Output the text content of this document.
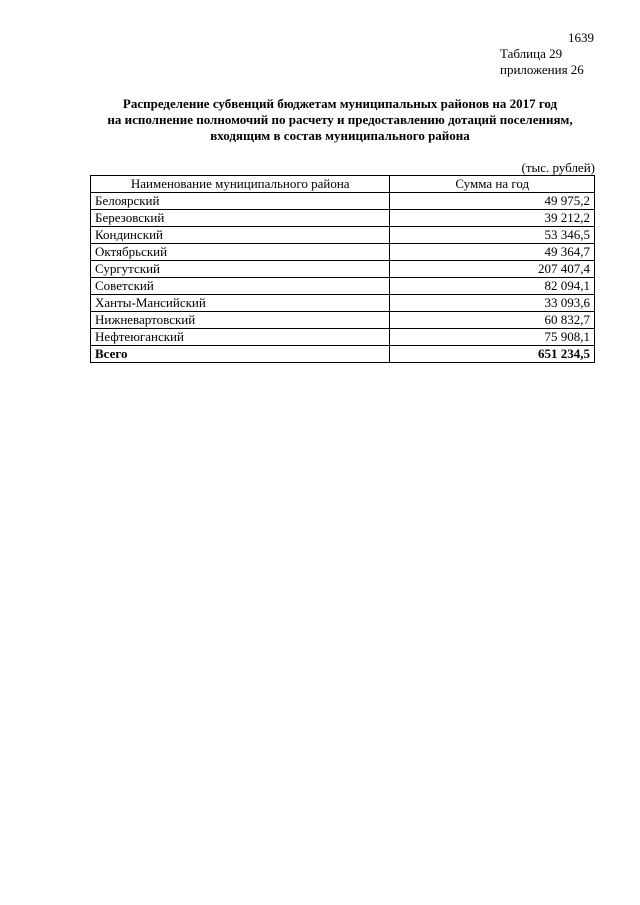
1639
Таблица 29
приложения 26
Распределение субвенций бюджетам муниципальных районов на 2017 год
на исполнение полномочий по расчету и предоставлению дотаций поселениям,
входящим в состав муниципального района
(тыс. рублей)
Наименование муниципального района	Сумма на год
Белоярский	49 975,2
Березовский	39 212,2
Кондинский	53 346,5
Октябрьский	49 364,7
Сургутский	207 407,4
Советский	82 094,1
Ханты-Мансийский	33 093,6
Нижневартовский	60 832,7
Нефтеюганский	75 908,1
Всего	651 234,5
